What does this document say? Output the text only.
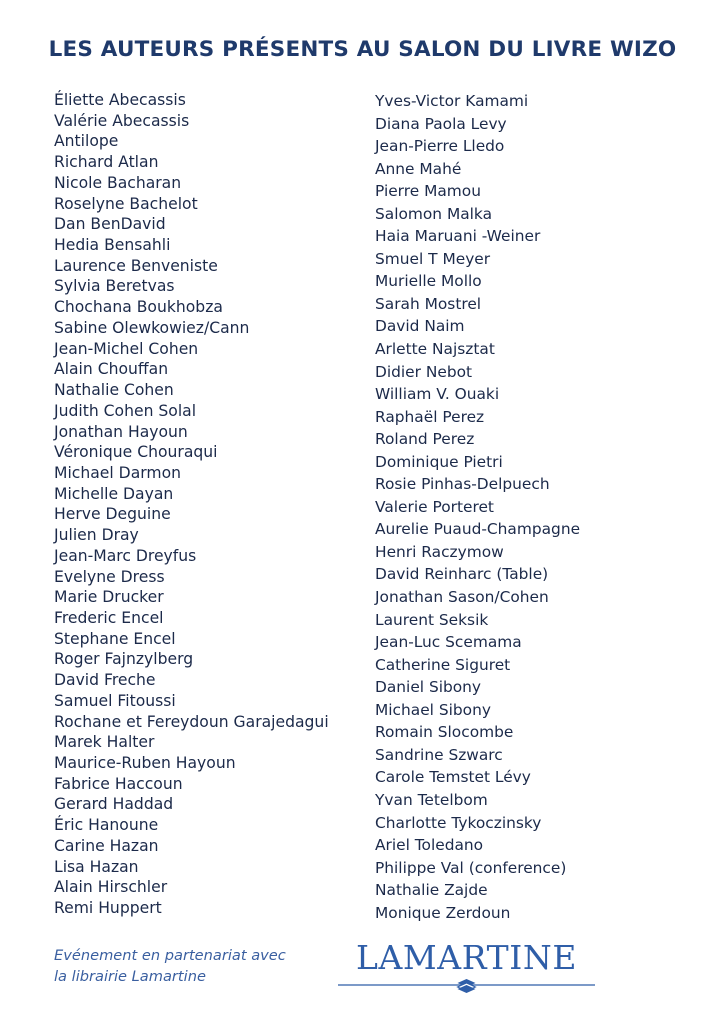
LES AUTEURS PRÉSENTS AU SALON DU LIVRE WIZO
Éliette Abecassis
Valérie Abecassis
Antilope
Richard Atlan
Nicole Bacharan
Roselyne Bachelot
Dan BenDavid
Hedia Bensahli
Laurence Benveniste
Sylvia Beretvas
Chochana Boukhobza
Sabine Olewkowiez/Cann
Jean-Michel Cohen
Alain Chouffan
Nathalie Cohen
Judith Cohen Solal
Jonathan Hayoun
Véronique Chouraqui
Michael Darmon
Michelle Dayan
Herve Deguine
Julien Dray
Jean-Marc Dreyfus
Evelyne Dress
Marie Drucker
Frederic Encel
Stephane Encel
Roger Fajnzylberg
David Freche
Samuel Fitoussi
Rochane et Fereydoun Garajedagui
Marek Halter
Maurice-Ruben Hayoun
Fabrice Haccoun
Gerard Haddad
Éric Hanoune
Carine Hazan
Lisa Hazan
Alain Hirschler
Remi Huppert
Yves-Victor Kamami
Diana Paola Levy
Jean-Pierre Lledo
Anne Mahé
Pierre Mamou
Salomon Malka
Haia Maruani -Weiner
Smuel T Meyer
Murielle Mollo
Sarah Mostrel
David Naim
Arlette Najsztat
Didier Nebot
William V. Ouaki
Raphaël Perez
Roland Perez
Dominique Pietri
Rosie Pinhas-Delpuech
Valerie Porteret
Aurelie Puaud-Champagne
Henri Raczymow
David Reinharc (Table)
Jonathan Sason/Cohen
Laurent Seksik
Jean-Luc Scemama
Catherine Siguret
Daniel Sibony
Michael Sibony
Romain Slocombe
Sandrine Szwarc
Carole Temstet Lévy
Yvan Tetelbom
Charlotte Tykoczinsky
Ariel Toledano
Philippe Val (conference)
Nathalie Zajde
Monique Zerdoun

Evénement en partenariat avec
la librairie Lamartine	LAMARTINE
